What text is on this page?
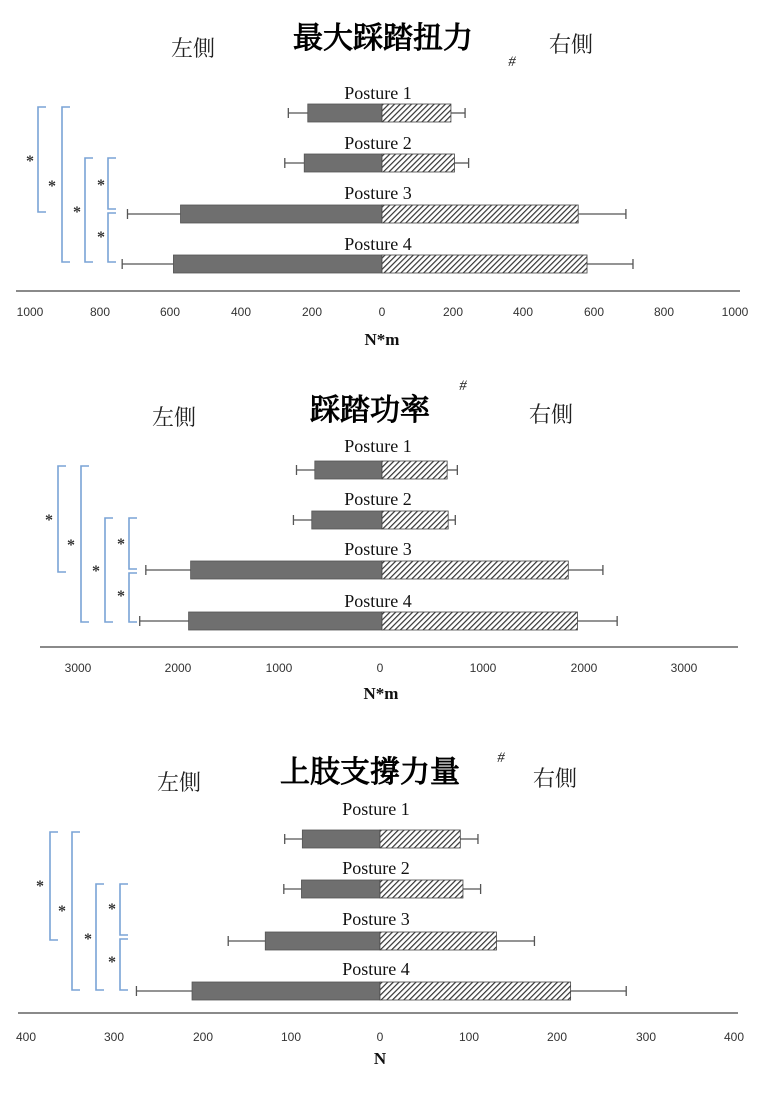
最大踩踏扭力
#
左側	右側
Posture 1
Posture 2
Posture 3
Posture 4
1000	800	600	400	200	0	200	400	600	800	1000
N*m
*
*
*
*
*
踩踏功率
#
左側	右側
Posture 1
Posture 2
Posture 3
Posture 4
3000	2000	1000	0	1000	2000	3000
N*m
*
*
*
*
*
上肢支撐力量 #
左側	右側
Posture 1
Posture 2
Posture 3
Posture 4
400	300	200	100	0	100	200	300	400
N
*
*
*
*
*
